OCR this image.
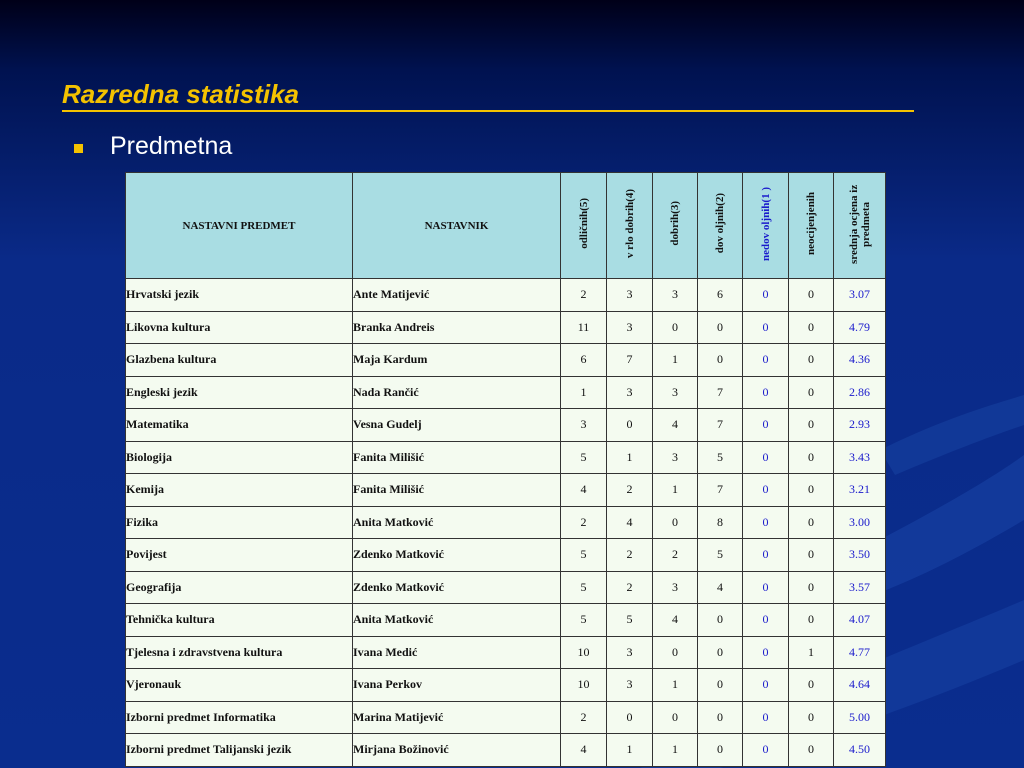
Razredna statistika
Predmetna
NASTAVNI PREDMET	NASTAVNIK	odličnih(5)	v rlo dobrih(4)	dobrih(3)	dov oljnih(2)	nedov oljnih(1 )	neocijenjenih	srednja ocjena iz predmeta
Hrvatski jezik	Ante Matijević	2	3	3	6	0	0	3.07
Likovna kultura	Branka Andreis	11	3	0	0	0	0	4.79
Glazbena kultura	Maja Kardum	6	7	1	0	0	0	4.36
Engleski jezik	Nada Rančić	1	3	3	7	0	0	2.86
Matematika	Vesna Gudelj	3	0	4	7	0	0	2.93
Biologija	Fanita Milišić	5	1	3	5	0	0	3.43
Kemija	Fanita Milišić	4	2	1	7	0	0	3.21
Fizika	Anita Matković	2	4	0	8	0	0	3.00
Povijest	Zdenko Matković	5	2	2	5	0	0	3.50
Geografija	Zdenko Matković	5	2	3	4	0	0	3.57
Tehnička kultura	Anita Matković	5	5	4	0	0	0	4.07
Tjelesna i zdravstvena kultura	Ivana Medić	10	3	0	0	0	1	4.77
Vjeronauk	Ivana Perkov	10	3	1	0	0	0	4.64
Izborni predmet Informatika	Marina Matijević	2	0	0	0	0	0	5.00
Izborni predmet Talijanski jezik	Mirjana Božinović	4	1	1	0	0	0	4.50
